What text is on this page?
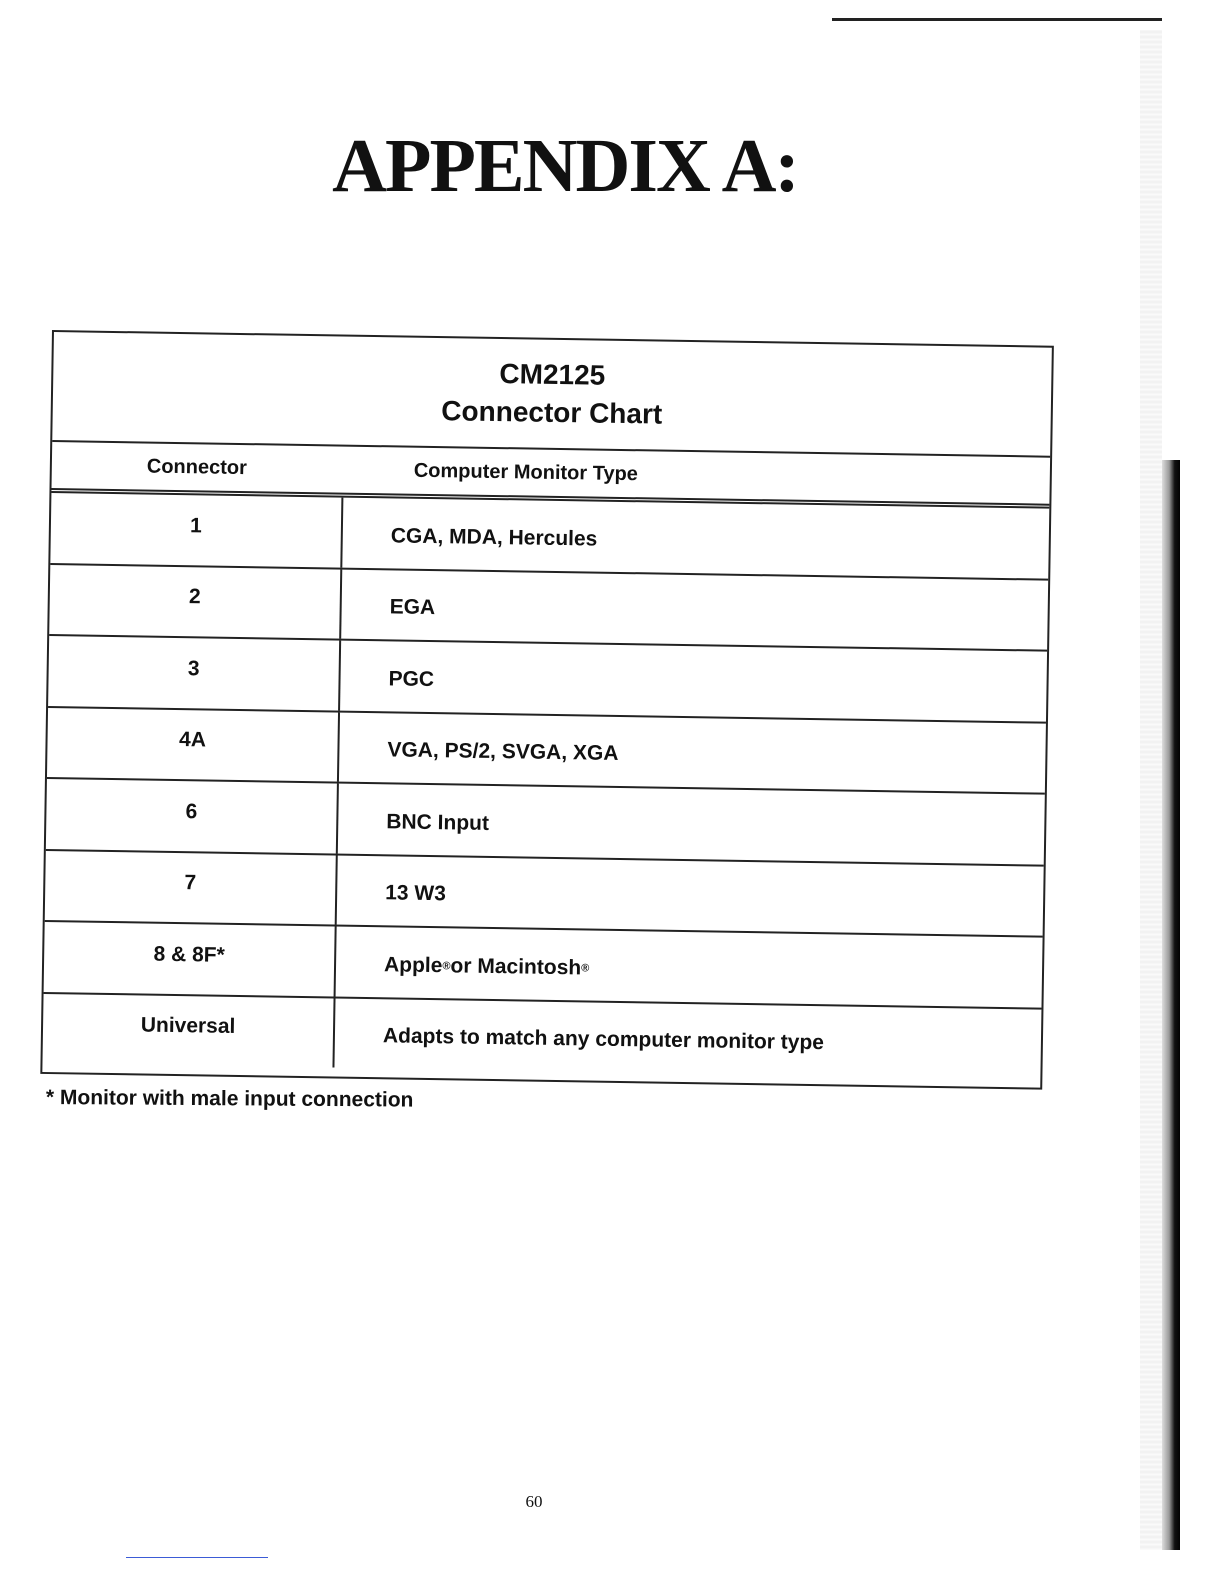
APPENDIX A:
CM2125
Connector Chart
Connector	Computer Monitor Type
1	CGA, MDA, Hercules
2	EGA
3	PGC
4A	VGA, PS/2, SVGA, XGA
6	BNC Input
7	13 W3
8 & 8F*	Apple ® or Macintosh ®
Universal	Adapts to match any computer monitor type

* Monitor with male input connection

60
